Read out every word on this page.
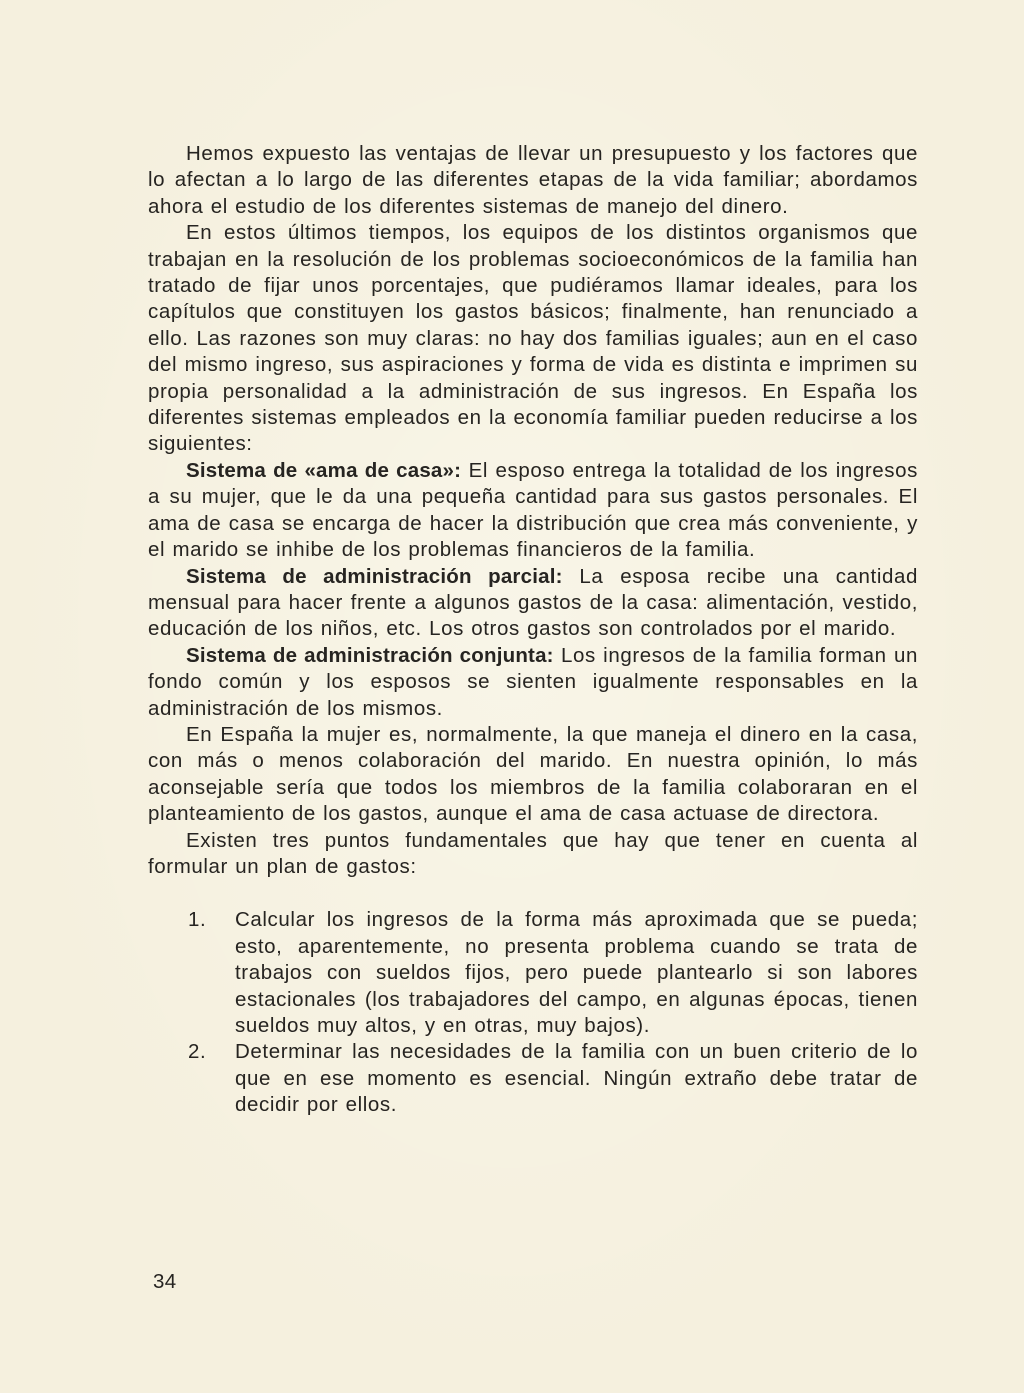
Hemos expuesto las ventajas de llevar un presupuesto y los factores que lo afectan a lo largo de las diferentes etapas de la vida familiar; abordamos ahora el estudio de los diferentes sistemas de manejo del dinero.

En estos últimos tiempos, los equipos de los distintos organismos que trabajan en la resolución de los problemas socioeconómicos de la familia han tratado de fijar unos porcentajes, que pudiéramos llamar ideales, para los capítulos que constituyen los gastos básicos; finalmente, han renunciado a ello. Las razones son muy claras: no hay dos familias iguales; aun en el caso del mismo ingreso, sus aspiraciones y forma de vida es distinta e imprimen su propia personalidad a la administración de sus ingresos. En España los diferentes sistemas empleados en la economía familiar pueden reducirse a los siguientes:

Sistema de «ama de casa»: El esposo entrega la totalidad de los ingresos a su mujer, que le da una pequeña cantidad para sus gastos personales. El ama de casa se encarga de hacer la distribución que crea más conveniente, y el marido se inhibe de los problemas financieros de la familia.

Sistema de administración parcial: La esposa recibe una cantidad mensual para hacer frente a algunos gastos de la casa: alimentación, vestido, educación de los niños, etc. Los otros gastos son controlados por el marido.

Sistema de administración conjunta: Los ingresos de la familia forman un fondo común y los esposos se sienten igualmente responsables en la administración de los mismos.

En España la mujer es, normalmente, la que maneja el dinero en la casa, con más o menos colaboración del marido. En nuestra opinión, lo más aconsejable sería que todos los miembros de la familia colaboraran en el planteamiento de los gastos, aunque el ama de casa actuase de directora.

Existen tres puntos fundamentales que hay que tener en cuenta al formular un plan de gastos:

1.	Calcular los ingresos de la forma más aproximada que se pueda; esto, aparentemente, no presenta problema cuando se trata de trabajos con sueldos fijos, pero puede plantearlo si son labores estacionales (los trabajadores del campo, en algunas épocas, tienen sueldos muy altos, y en otras, muy bajos).
2.	Determinar las necesidades de la familia con un buen criterio de lo que en ese momento es esencial. Ningún extraño debe tratar de decidir por ellos.
34
